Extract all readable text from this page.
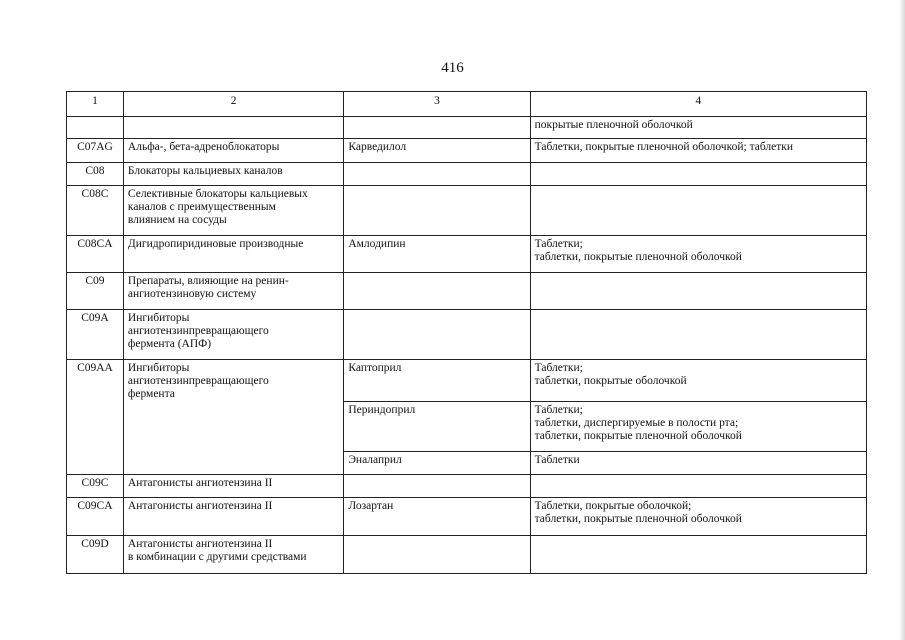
416
1	2	3	4
			покрытые пленочной оболочкой
C07AG	Альфа-, бета-адреноблокаторы	Карведилол	Таблетки, покрытые пленочной оболочкой; таблетки
C08	Блокаторы кальциевых каналов		
C08C	Селективные блокаторы кальциевых
каналов с преимущественным
влиянием на сосуды		
C08CA	Дигидропиридиновые производные	Амлодипин	Таблетки;
таблетки, покрытые пленочной оболочкой
C09	Препараты, влияющие на ренин-
ангиотензиновую систему		
C09A	Ингибиторы
ангиотензинпревращающего
фермента (АПФ)		
C09AA	Ингибиторы
ангиотензинпревращающего
фермента	Каптоприл	Таблетки;
таблетки, покрытые оболочкой
		Периндоприл	Таблетки;
таблетки, диспергируемые в полости рта;
таблетки, покрытые пленочной оболочкой
		Эналаприл	Таблетки
C09C	Антагонисты ангиотензина II		
C09CA	Антагонисты ангиотензина II	Лозартан	Таблетки, покрытые оболочкой;
таблетки, покрытые пленочной оболочкой
C09D	Антагонисты ангиотензина II
в комбинации с другими средствами		
